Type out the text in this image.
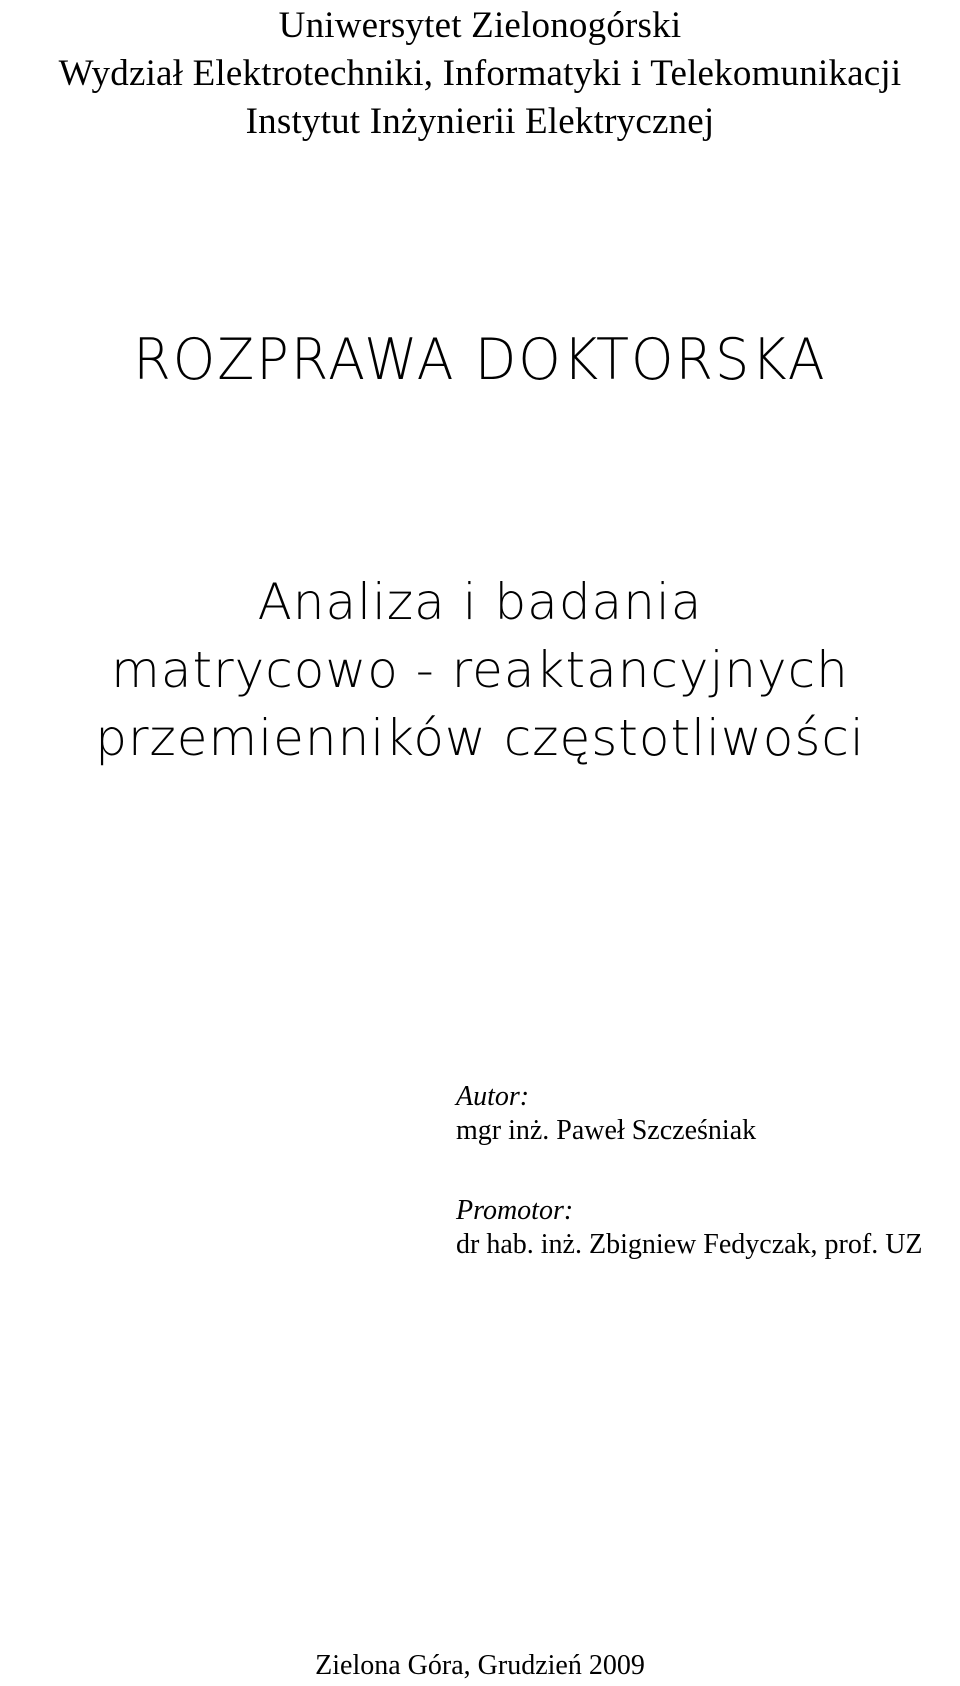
Uniwersytet Zielonogórski
Wydział Elektrotechniki, Informatyki i Telekomunikacji
Instytut Inżynierii Elektrycznej
ROZPRAWA DOKTORSKA
Analiza i badania
matrycowo - reaktancyjnych
przemienników częstotliwości
Autor:
mgr inż. Paweł Szcześniak
Promotor:
dr hab. inż. Zbigniew Fedyczak, prof. UZ
Zielona Góra, Grudzień 2009
